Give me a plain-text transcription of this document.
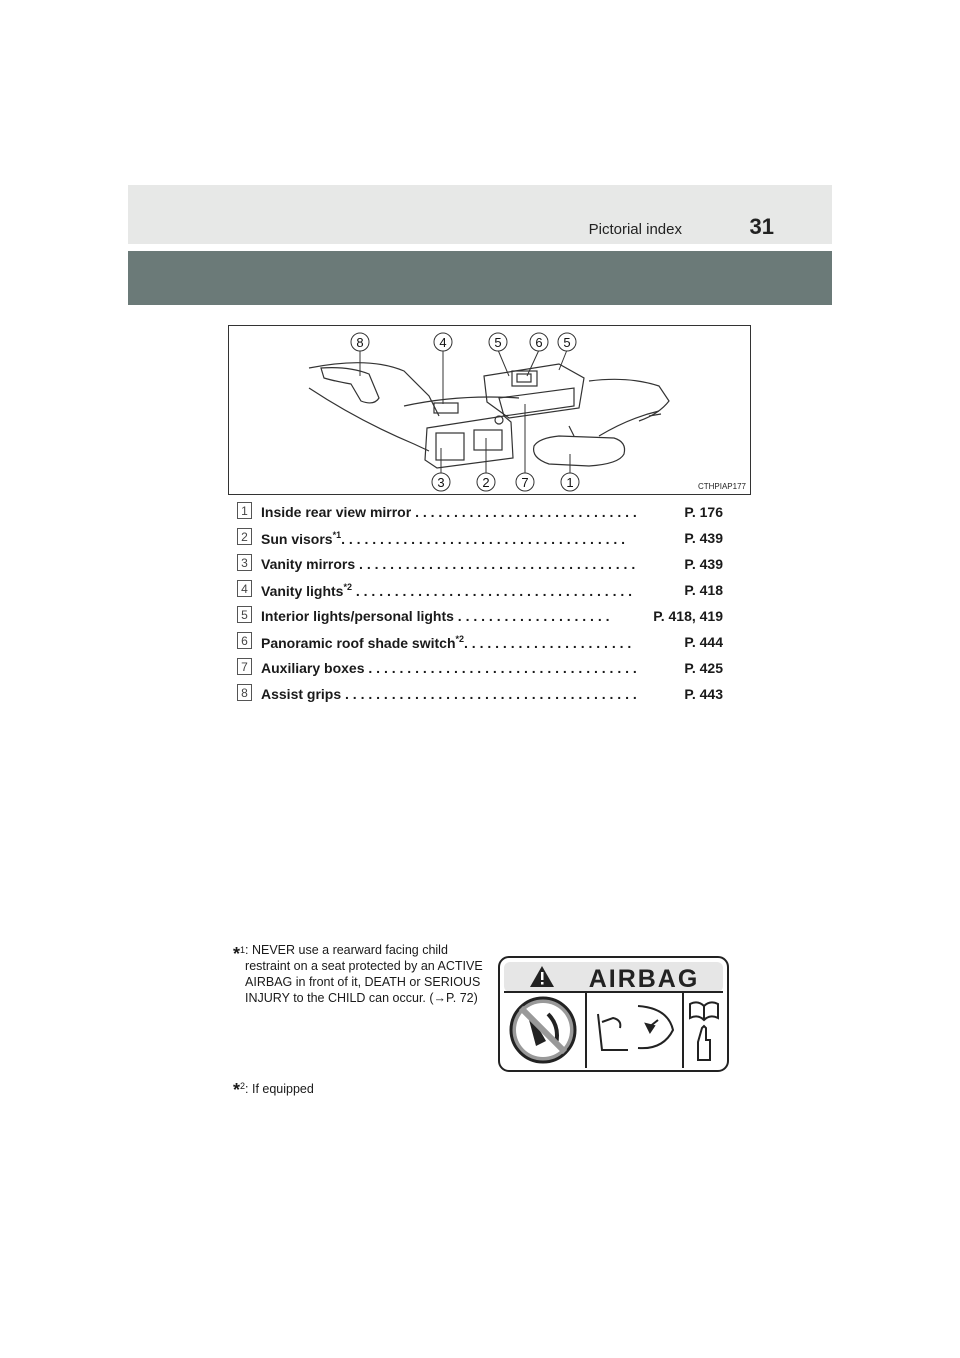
Pictorial index	31
8	4	5	6 5
3	2 7	1	CTHPIAP177
1 Inside rear view mirror . . . . . . . . . . . . . . . . . . . . . . . . . . . . .	P. 176
2 Sun visors$^{*1}$. . . . . . . . . . . . . . . . . . . . . . . . . . . . . . . . . . . . .	P. 439
3 Vanity mirrors . . . . . . . . . . . . . . . . . . . . . . . . . . . . . . . . . . . .	P. 439
4 Vanity lights$^{*2}$ . . . . . . . . . . . . . . . . . . . . . . . . . . . . . . . . . . . .	P. 418
5 Interior lights/personal lights . . . . . . . . . . . . . . . . . . . .	P. 418, 419
6 Panoramic roof shade switch$^{*2}$. . . . . . . . . . . . . . . . . . . . . .	P. 444
7 Auxiliary boxes . . . . . . . . . . . . . . . . . . . . . . . . . . . . . . . . . . .	P. 425
8 Assist grips . . . . . . . . . . . . . . . . . . . . . . . . . . . . . . . . . . . . . .	P. 443
*$^1$ : NEVER use a rearward facing child restraint on a seat protected by an ACTIVE AIRBAG in front of it, DEATH or SERIOUS INJURY to the CHILD can occur. (→P. 72)
*$^2$: If equipped
AIRBAG
